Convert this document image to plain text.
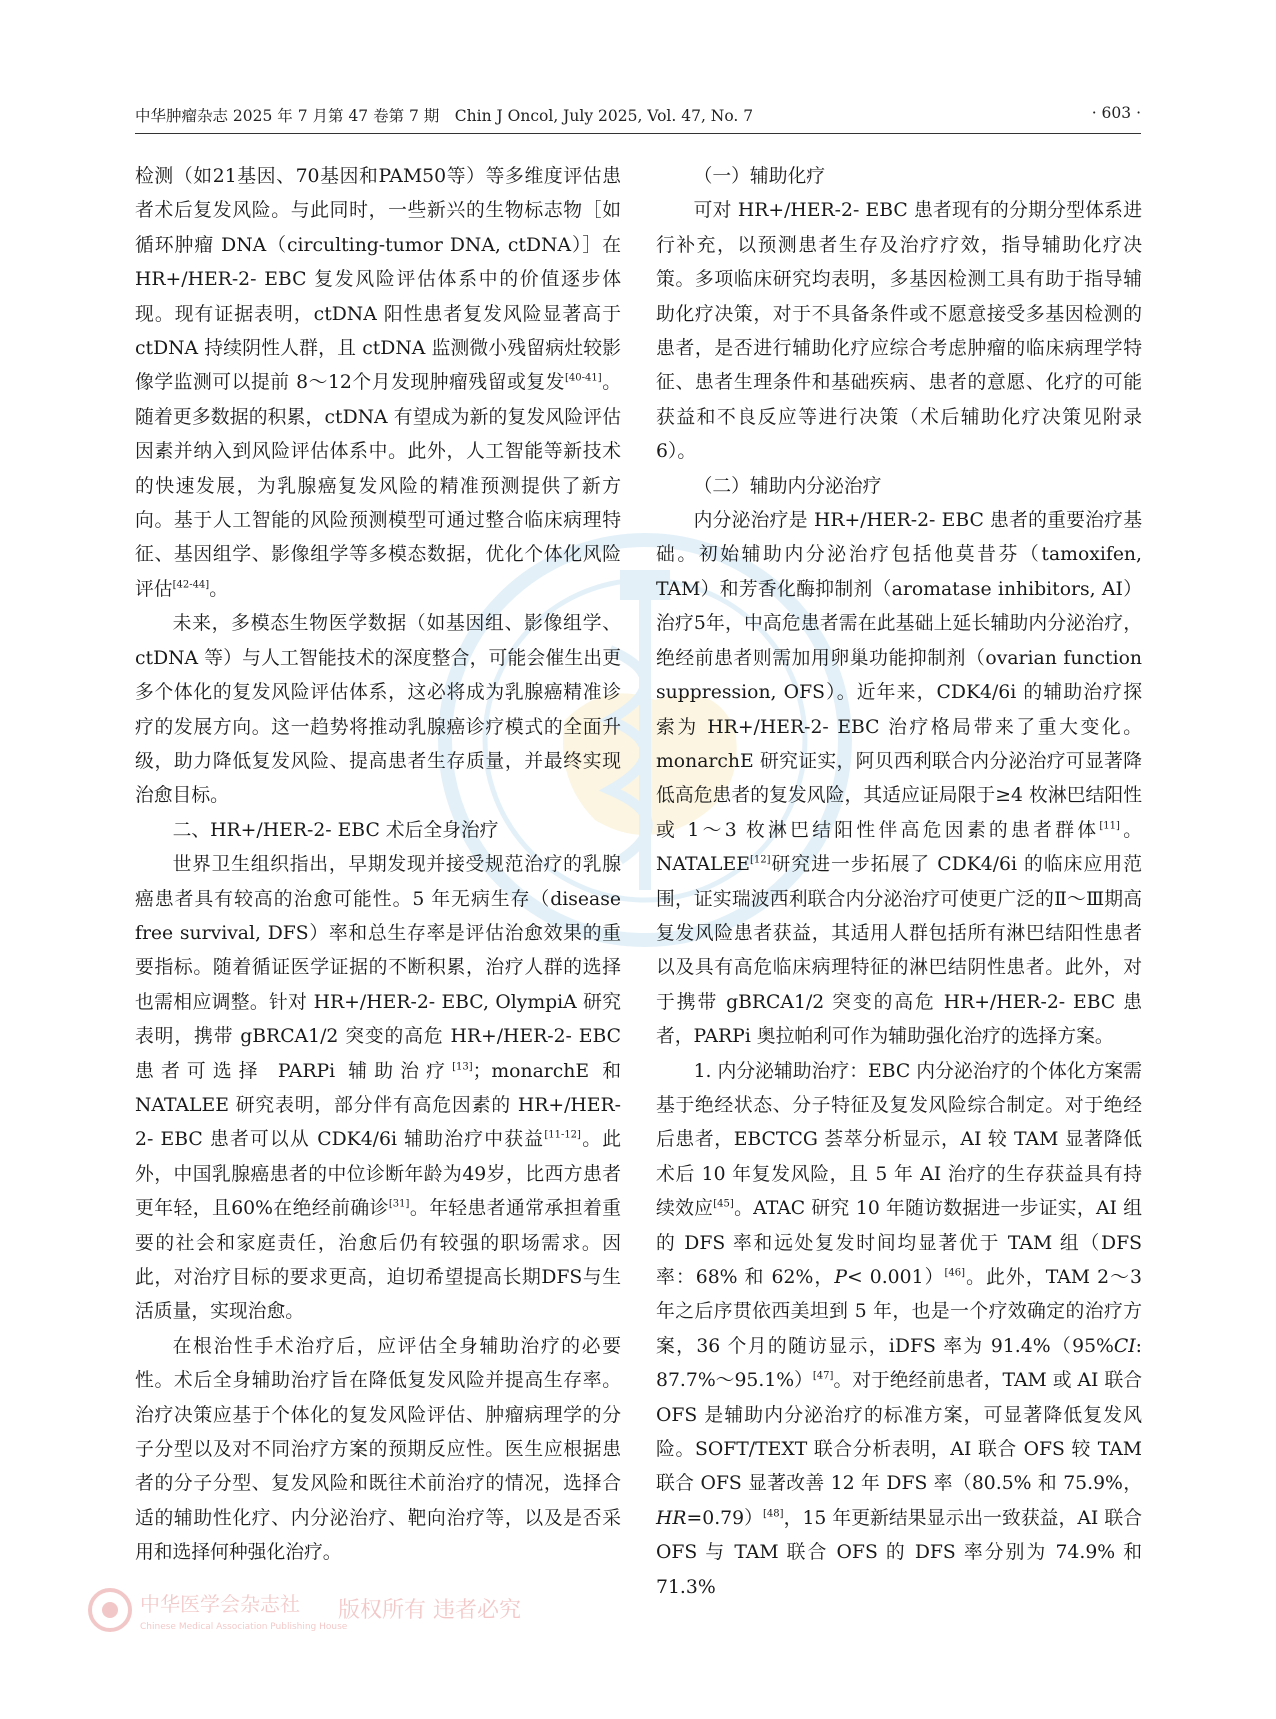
中华肿瘤杂志 2025 年 7 月第 47 卷第 7 期　Chin J Oncol, July 2025, Vol. 47, No. 7	· 603 ·

检测（如21基因、70基因和PAM50等）等多维度评估患者术后复发风险。与此同时，一些新兴的生物标志物［如循环肿瘤 DNA（circulting-tumor DNA, ctDNA）］在 HR+/HER-2- EBC 复发风险评估体系中的价值逐步体现。现有证据表明，ctDNA 阳性患者复发风险显著高于 ctDNA 持续阴性人群，且 ctDNA 监测微小残留病灶较影像学监测可以提前 8～12个月发现肿瘤残留或复发[40-41]。随着更多数据的积累，ctDNA 有望成为新的复发风险评估因素并纳入到风险评估体系中。此外，人工智能等新技术的快速发展，为乳腺癌复发风险的精准预测提供了新方向。基于人工智能的风险预测模型可通过整合临床病理特征、基因组学、影像组学等多模态数据，优化个体化风险评估[42-44]。

未来，多模态生物医学数据（如基因组、影像组学、ctDNA 等）与人工智能技术的深度整合，可能会催生出更多个体化的复发风险评估体系，这必将成为乳腺癌精准诊疗的发展方向。这一趋势将推动乳腺癌诊疗模式的全面升级，助力降低复发风险、提高患者生存质量，并最终实现治愈目标。

二、HR+/HER-2- EBC 术后全身治疗

世界卫生组织指出，早期发现并接受规范治疗的乳腺癌患者具有较高的治愈可能性。5 年无病生存（disease free survival, DFS）率和总生存率是评估治愈效果的重要指标。随着循证医学证据的不断积累，治疗人群的选择也需相应调整。针对 HR+/HER-2- EBC, OlympiA 研究表明，携带 gBRCA1/2 突变的高危 HR+/HER-2- EBC 患者可选择 PARPi 辅助治疗[13]；monarchE 和 NATALEE 研究表明，部分伴有高危因素的 HR+/HER-2- EBC 患者可以从 CDK4/6i 辅助治疗中获益[11-12]。此外，中国乳腺癌患者的中位诊断年龄为49岁，比西方患者更年轻，且60%在绝经前确诊[31]。年轻患者通常承担着重要的社会和家庭责任，治愈后仍有较强的职场需求。因此，对治疗目标的要求更高，迫切希望提高长期DFS与生活质量，实现治愈。

在根治性手术治疗后，应评估全身辅助治疗的必要性。术后全身辅助治疗旨在降低复发风险并提高生存率。治疗决策应基于个体化的复发风险评估、肿瘤病理学的分子分型以及对不同治疗方案的预期反应性。医生应根据患者的分子分型、复发风险和既往术前治疗的情况，选择合适的辅助性化疗、内分泌治疗、靶向治疗等，以及是否采用和选择何种强化治疗。

（一）辅助化疗

可对 HR+/HER-2- EBC 患者现有的分期分型体系进行补充，以预测患者生存及治疗疗效，指导辅助化疗决策。多项临床研究均表明，多基因检测工具有助于指导辅助化疗决策，对于不具备条件或不愿意接受多基因检测的患者，是否进行辅助化疗应综合考虑肿瘤的临床病理学特征、患者生理条件和基础疾病、患者的意愿、化疗的可能获益和不良反应等进行决策（术后辅助化疗决策见附录6）。

（二）辅助内分泌治疗

内分泌治疗是 HR+/HER-2- EBC 患者的重要治疗基础。初始辅助内分泌治疗包括他莫昔芬（tamoxifen, TAM）和芳香化酶抑制剂（aromatase inhibitors, AI）治疗5年，中高危患者需在此基础上延长辅助内分泌治疗，绝经前患者则需加用卵巢功能抑制剂（ovarian function suppression, OFS）。近年来，CDK4/6i 的辅助治疗探索为 HR+/HER-2- EBC 治疗格局带来了重大变化。monarchE 研究证实，阿贝西利联合内分泌治疗可显著降低高危患者的复发风险，其适应证局限于≥4 枚淋巴结阳性或 1～3 枚淋巴结阳性伴高危因素的患者群体[11]。NATALEE[12]研究进一步拓展了 CDK4/6i 的临床应用范围，证实瑞波西利联合内分泌治疗可使更广泛的Ⅱ～Ⅲ期高复发风险患者获益，其适用人群包括所有淋巴结阳性患者以及具有高危临床病理特征的淋巴结阴性患者。此外，对于携带 gBRCA1/2 突变的高危 HR+/HER-2- EBC 患者，PARPi 奥拉帕利可作为辅助强化治疗的选择方案。

1. 内分泌辅助治疗：EBC 内分泌治疗的个体化方案需基于绝经状态、分子特征及复发风险综合制定。对于绝经后患者，EBCTCG 荟萃分析显示，AI 较 TAM 显著降低术后 10 年复发风险，且 5 年 AI 治疗的生存获益具有持续效应[45]。ATAC 研究 10 年随访数据进一步证实，AI 组的 DFS 率和远处复发时间均显著优于 TAM 组（DFS 率：68% 和 62%，P< 0.001）[46]。此外，TAM 2～3 年之后序贯依西美坦到 5 年，也是一个疗效确定的治疗方案，36 个月的随访显示，iDFS 率为 91.4%（95%CI: 87.7%～95.1%）[47]。对于绝经前患者，TAM 或 AI 联合 OFS 是辅助内分泌治疗的标准方案，可显著降低复发风险。SOFT/TEXT 联合分析表明，AI 联合 OFS 较 TAM 联合 OFS 显著改善 12 年 DFS 率（80.5% 和 75.9%，HR=0.79）[48]，15 年更新结果显示出一致获益，AI 联合 OFS 与 TAM 联合 OFS 的 DFS 率分别为 74.9% 和 71.3%

中华医学会杂志社
Chinese Medical Association Publishing House
版权所有 违者必究
